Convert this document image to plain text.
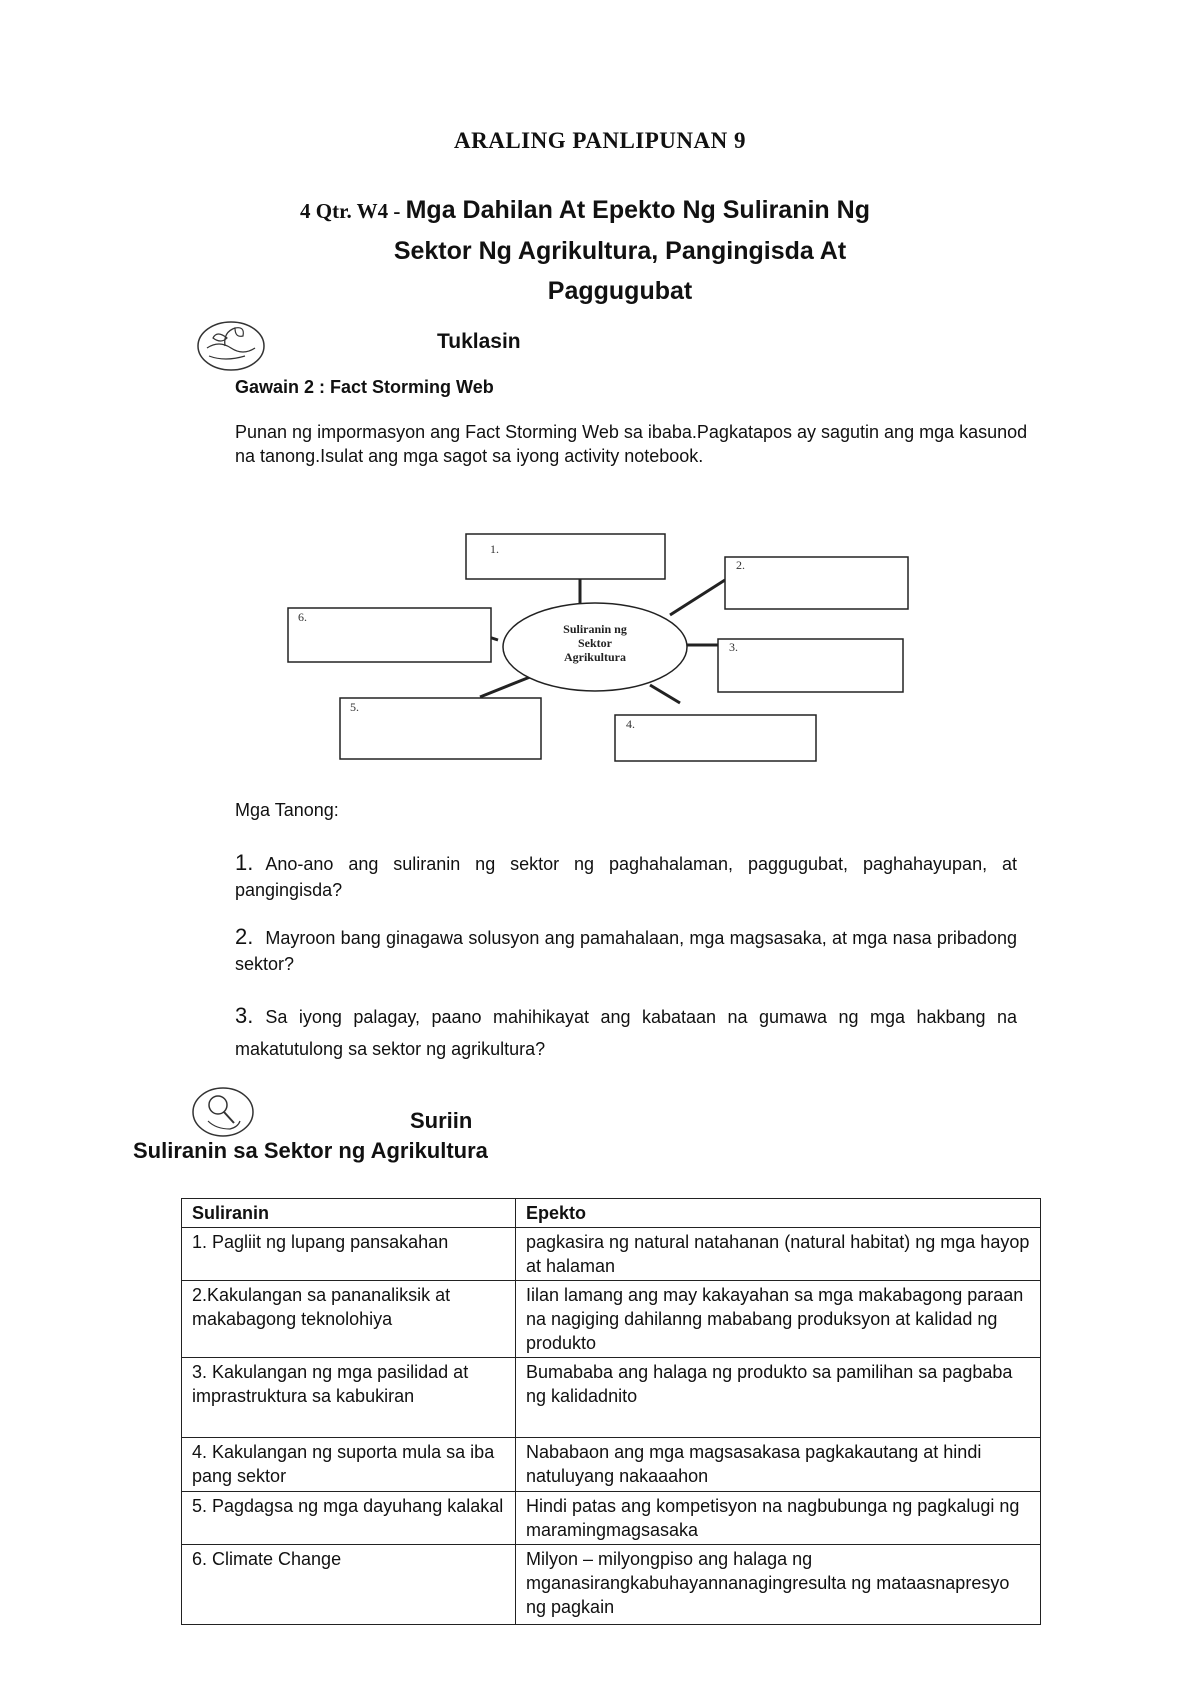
ARALING PANLIPUNAN 9
4 Qtr. W4 - Mga Dahilan At Epekto Ng Suliranin Ng
Sektor Ng Agrikultura, Pangingisda At
Paggugubat
Tuklasin
Gawain 2 : Fact Storming Web
Punan ng impormasyon ang Fact Storming Web sa ibaba.Pagkatapos ay sagutin ang mga kasunod na tanong.Isulat ang mga sagot sa iyong activity notebook.
Suliranin ng
Sektor
Agrikultura
1.
2.
3.
4.
5.
6.
Mga Tanong:
1. Ano-ano ang suliranin ng sektor ng paghahalaman, paggugubat, paghahayupan, at pangingisda?
2. Mayroon bang ginagawa solusyon ang pamahalaan, mga magsasaka, at mga nasa pribadong sektor?
3. Sa iyong palagay, paano mahihikayat ang kabataan na gumawa ng mga hakbang na makatutulong sa sektor ng agrikultura?
Suriin
Suliranin sa Sektor ng Agrikultura
Suliranin	Epekto
1. Pagliit ng lupang pansakahan	pagkasira ng natural natahanan (natural habitat) ng mga hayop at halaman
2.Kakulangan sa pananaliksik at makabagong teknolohiya	Iilan lamang ang may kakayahan sa mga makabagong paraan na nagiging dahilanng mababang produksyon at kalidad ng produkto
3. Kakulangan ng mga pasilidad at imprastruktura sa kabukiran	Bumababa ang halaga ng produkto sa pamilihan sa pagbaba ng kalidadnito
4. Kakulangan ng suporta mula sa iba pang sektor	Nababaon ang mga magsasakasa pagkakautang at hindi natuluyang nakaaahon
5. Pagdagsa ng mga dayuhang kalakal	Hindi patas ang kompetisyon na nagbubunga ng pagkalugi ng maramingmagsasaka
6. Climate Change	Milyon – milyongpiso ang halaga ng mganasirangkabuhayannanagingresulta ng mataasnapresyo ng pagkain
